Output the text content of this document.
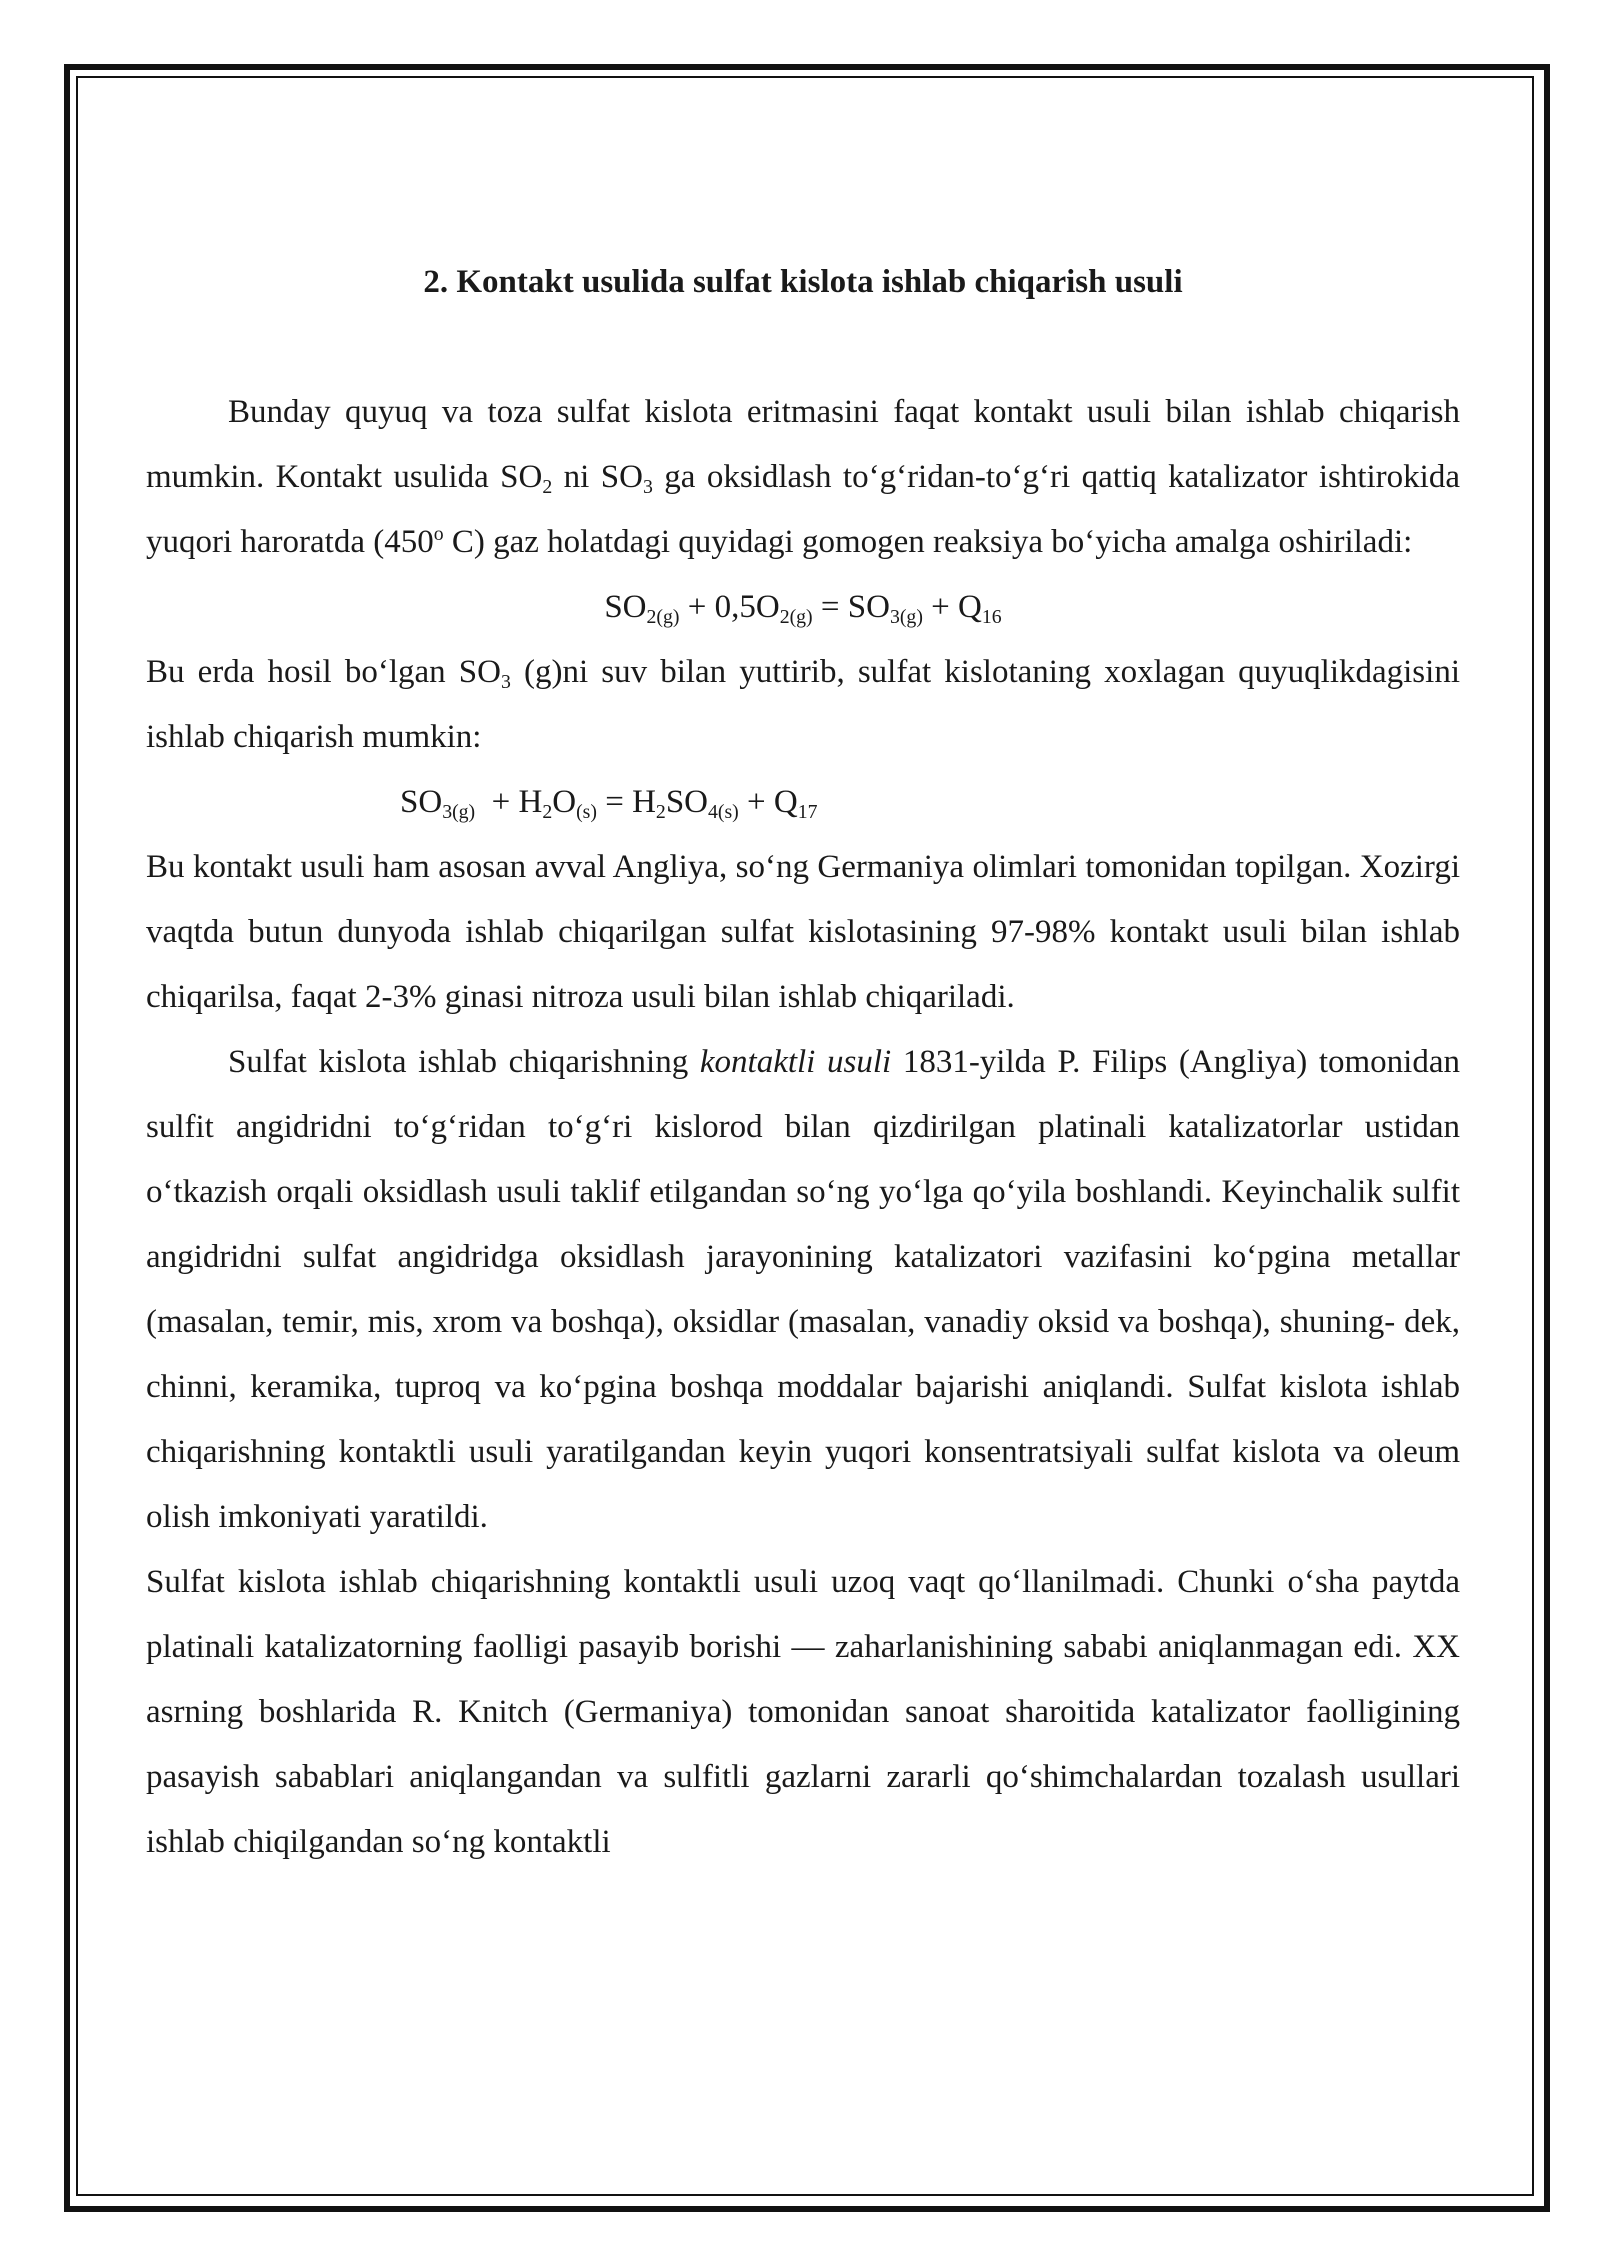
2. Kontakt usulida sulfat kislota ishlab chiqarish usuli

Bunday quyuq va toza sulfat kislota eritmasini faqat kontakt usuli bilan ishlab chiqarish mumkin. Kontakt usulida $SO_2$ ni $SO_3$ ga oksidlash to‘g‘ridan-to‘g‘ri qattiq katalizator ishtirokida yuqori haroratda (450$^o$ C) gaz holatdagi quyidagi gomogen reaksiya bo‘yicha amalga oshiriladi:

$SO_{2(g)} + 0,5O_{2(g)} = SO_{3(g)} + Q_{16}$

Bu erda hosil bo‘lgan $SO_3$ (g)ni suv bilan yuttirib, sulfat kislotaning xoxlagan quyuqlikdagisini ishlab chiqarish mumkin:

$SO_{3(g)} + H_2O_{(s)} = H_2SO_{4(s)} + Q_{17}$

Bu kontakt usuli ham asosan avval Angliya, so‘ng Germaniya olimlari tomonidan topilgan. Xozirgi vaqtda butun dunyoda ishlab chiqarilgan sulfat kislotasining 97-98% kontakt usuli bilan ishlab chiqarilsa, faqat 2-3% ginasi nitroza usuli bilan ishlab chiqariladi.

Sulfat kislota ishlab chiqarishning kontaktli usuli 1831-yilda P. Filips (Angliya) tomonidan sulfit angidridni to‘g‘ridan to‘g‘ri kislorod bilan qizdirilgan platinali katalizatorlar ustidan o‘tkazish orqali oksidlash usuli taklif etilgandan so‘ng yo‘lga qo‘yila boshlandi. Keyinchalik sulfit angidridni sulfat angidridga oksidlash jarayonining katalizatori vazifasini ko‘pgina metallar (masalan, temir, mis, xrom va boshqa), oksidlar (masalan, vanadiy oksid va boshqa), shuning- dek, chinni, keramika, tuproq va ko‘pgina boshqa moddalar bajarishi aniqlandi. Sulfat kislota ishlab chiqarishning kontaktli usuli yaratilgandan keyin yuqori konsentratsiyali sulfat kislota va oleum olish imkoniyati yaratildi.

Sulfat kislota ishlab chiqarishning kontaktli usuli uzoq vaqt qo‘llanilmadi. Chunki o‘sha paytda platinali katalizatorning faolligi pasayib borishi — zaharlanishining sababi aniqlanmagan edi. XX asrning boshlarida R. Knitch (Germaniya) tomonidan sanoat sharoitida katalizator faolligining pasayish sabablari aniqlangandan va sulfitli gazlarni zararli qo‘shimchalardan tozalash usullari ishlab chiqilgandan so‘ng kontaktli
